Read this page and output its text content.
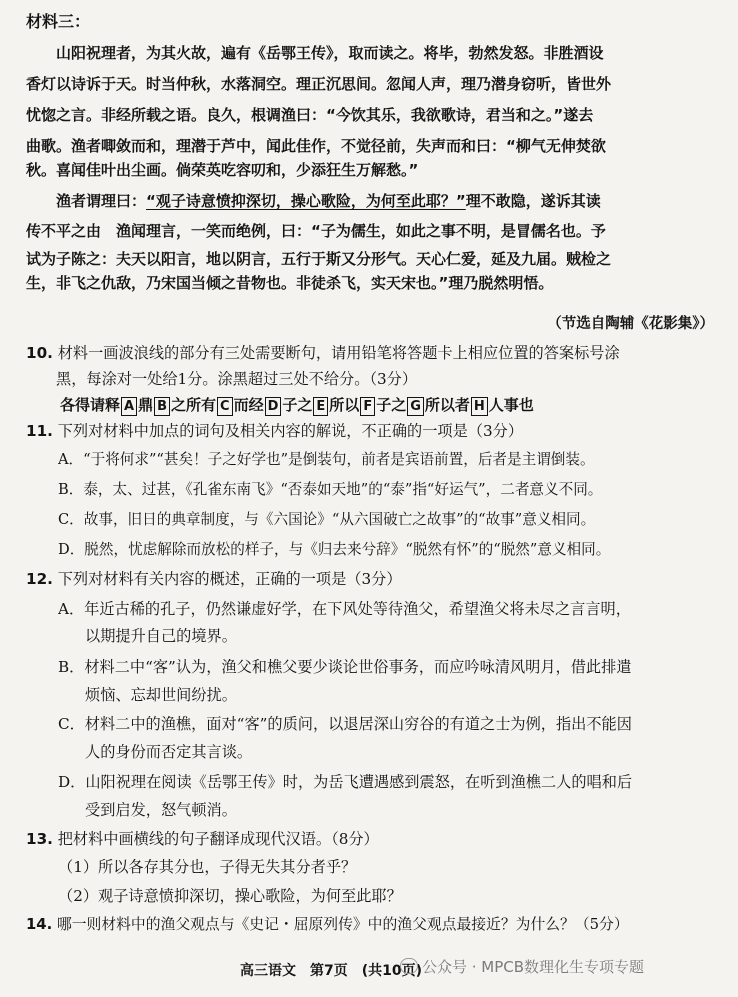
材料三：
山阳祝理者，为其火故，遍有《岳鄂王传》，取而读之。将毕，勃然发怒。非胜酒设
香灯以诗诉于天。时当仲秋，水落洞空。理正沉思间。忽闻人声，理乃潜身窃听，皆世外
忧惚之言。非经所载之语。良久，根调渔曰：“今饮其乐，我欲歌诗，君当和之。”遂去
曲歌。渔者唧敛而和，理潜于芦中，闻此佳作，不觉径前，失声而和曰：“柳气无伸焚欲
秋。喜闻佳叶出尘画。倘荣英吃容叨和，少添狂生万解愁。”
渔者谓理曰：“观子诗意愤抑深切，操心歌险，为何至此耶？”理不敢隐，遂诉其读
传不平之由　渔闻理言，一笑而绝例，曰：“子为儒生，如此之事不明，是冒儒名也。予
试为子陈之：夫天以阳言，地以阴言，五行于斯又分形气。天心仁爱，延及九届。贼检之
生，非飞之仇敌，乃宋国当倾之昔物也。非徒杀飞，实天宋也。”理乃脱然明悟。
（节选自陶辅《花影集》）
10. 材料一画波浪线的部分有三处需要断句，请用铅笔将答题卡上相应位置的答案标号涂
黑，每涂对一处给1分。涂黑超过三处不给分。（3分）
各得请释 A 鼎 B 之所有 C 而经 D 子之 E 所以 F 子之 G 所以者 H 人事也
11. 下列对材料中加点的词句及相关内容的解说，不正确的一项是（3分）
A．“于将何求”“甚矣！子之好学也”是倒装句，前者是宾语前置，后者是主谓倒装。
B．泰，太、过甚，《孔雀东南飞》“否泰如天地”的“泰”指“好运气”，二者意义不同。
C．故事，旧日的典章制度，与《六国论》“从六国破亡之故事”的“故事”意义相同。
D．脱然，忧虑解除而放松的样子，与《归去来兮辞》“脱然有怀”的“脱然”意义相同。
12. 下列对材料有关内容的概述，正确的一项是（3分）
A．年近古稀的孔子，仍然谦虚好学，在下风处等待渔父，希望渔父将未尽之言言明，
以期提升自己的境界。
B．材料二中“客”认为，渔父和樵父要少谈论世俗事务，而应吟咏清风明月，借此排遣
烦恼、忘却世间纷扰。
C．材料二中的渔樵，面对“客”的质问，以退居深山穷谷的有道之士为例，指出不能因
人的身份而否定其言谈。
D．山阳祝理在阅读《岳鄂王传》时，为岳飞遭遇感到震怒，在听到渔樵二人的唱和后
受到启发，怒气顿消。
13. 把材料中画横线的句子翻译成现代汉语。（8分）
（1）所以各存其分也，子得无失其分者乎？
（2）观子诗意愤抑深切，操心歌险，为何至此耶？
14. 哪一则材料中的渔父观点与《史记・屈原列传》中的渔父观点最接近？为什么？（5分）
高三语文　第7页　(共10页) 公众号 · MPCB数理化生专项专题
